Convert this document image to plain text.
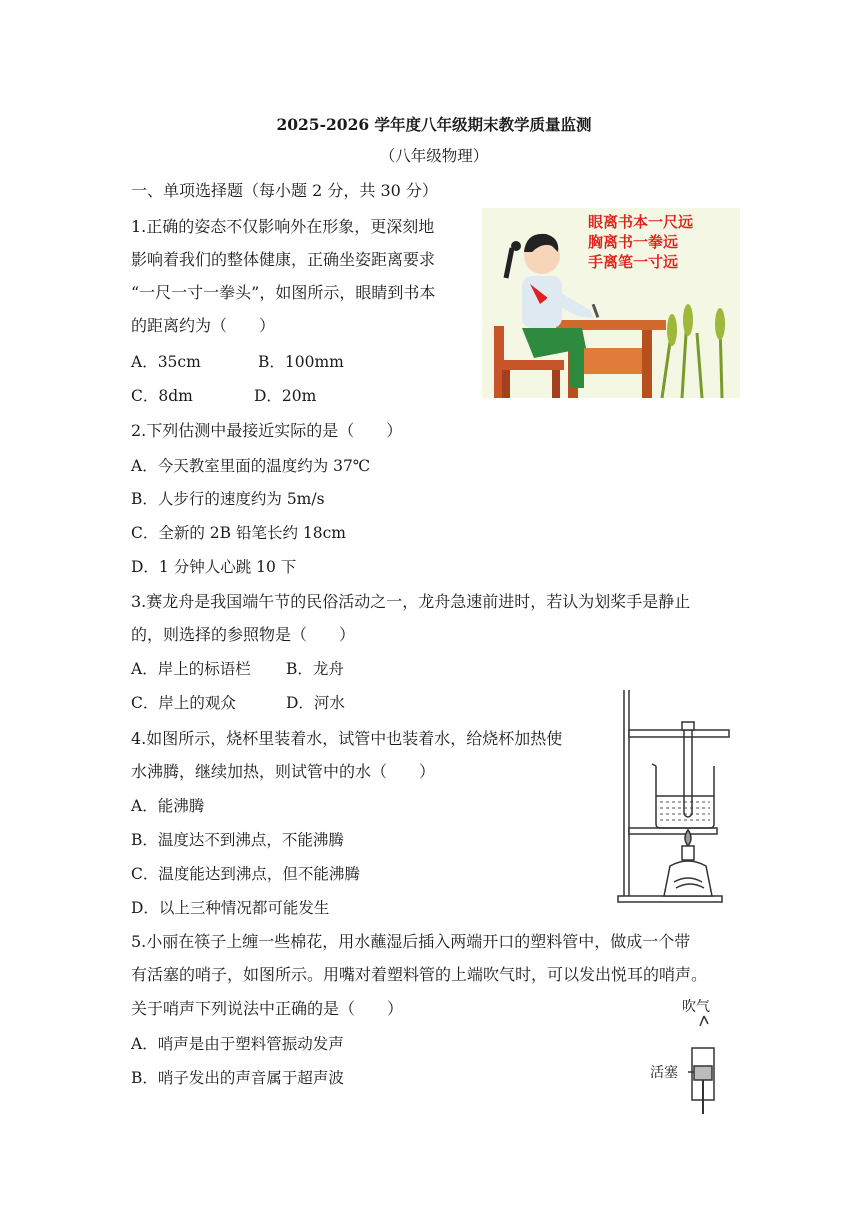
2025-2026 学年度八年级期末教学质量监测
（八年级物理）
一、单项选择题（每小题 2 分，共 30 分）
1.正确的姿态不仅影响外在形象，更深刻地
影响着我们的整体健康，正确坐姿距离要求
“一尺一寸一拳头”，如图所示，眼睛到书本
的距离约为（　　）
A．35cm	B．100mm
C．8dm	D．20m
眼离书本一尺远
胸离书一拳远
手离笔一寸远
2.下列估测中最接近实际的是（　　）
A．今天教室里面的温度约为 37℃
B．人步行的速度约为 5m/s
C．全新的 2B 铅笔长约 18cm
D．1 分钟人心跳 10 下
3.赛龙舟是我国端午节的民俗活动之一，龙舟急速前进时，若认为划桨手是静止
的，则选择的参照物是（　　）
A．岸上的标语栏 B．龙舟
C．岸上的观众	D．河水
4.如图所示，烧杯里装着水，试管中也装着水，给烧杯加热使
水沸腾，继续加热，则试管中的水（　　）
A．能沸腾
B．温度达不到沸点，不能沸腾
C．温度能达到沸点，但不能沸腾
D．以上三种情况都可能发生
5.小丽在筷子上缠一些棉花，用水蘸湿后插入两端开口的塑料管中，做成一个带
有活塞的哨子，如图所示。用嘴对着塑料管的上端吹气时，可以发出悦耳的哨声。
关于哨声下列说法中正确的是（　　）
A．哨声是由于塑料管振动发声
B．哨子发出的声音属于超声波
吹气
活塞
